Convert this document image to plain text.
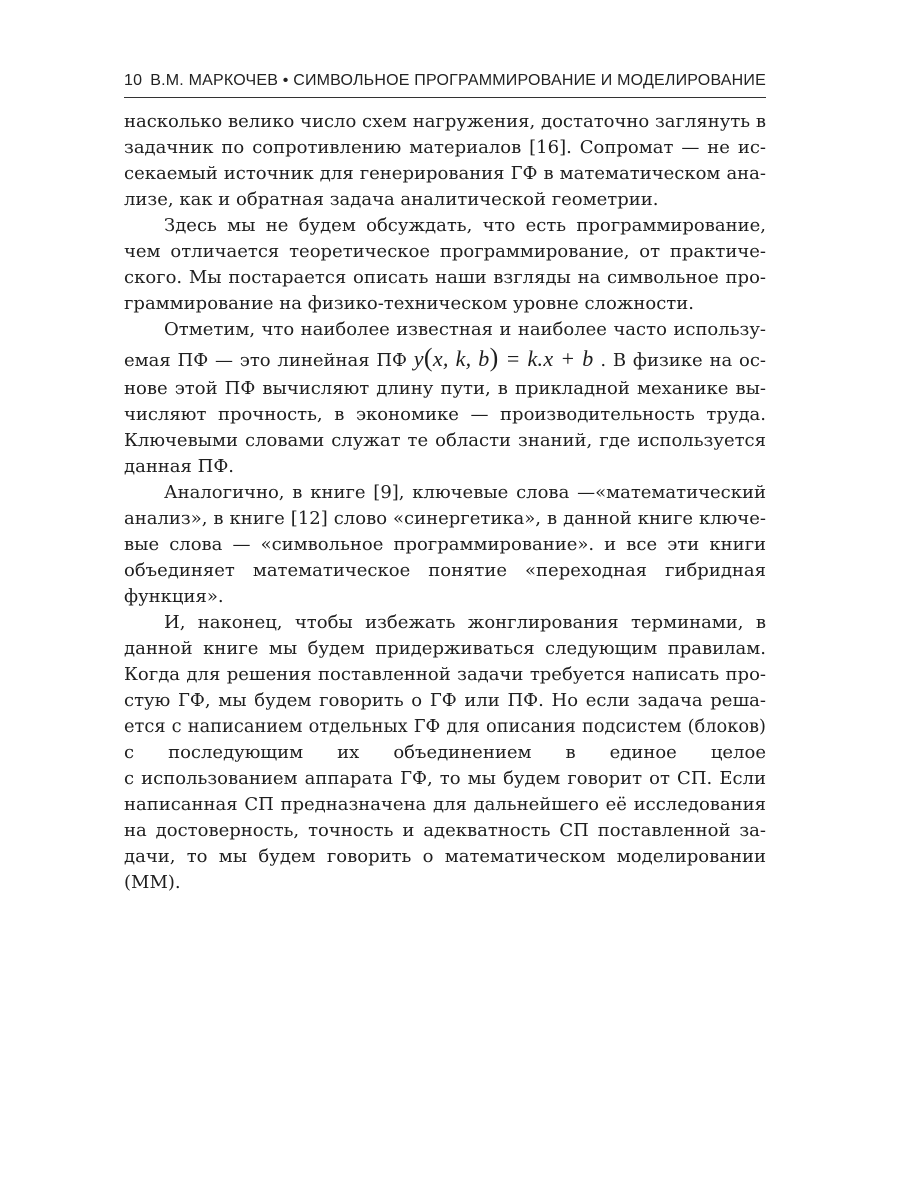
10 В.М. МАРКОЧЕВ • СИМВОЛЬНОЕ ПРОГРАММИРОВАНИЕ И МОДЕЛИРОВАНИЕ

насколько велико число схем нагружения, достаточно заглянуть в
задачник по сопротивлению материалов [16]. Сопромат — не ис-
секаемый источник для генерирования ГФ в математическом ана-
лизе, как и обратная задача аналитической геометрии.

Здесь мы не будем обсуждать, что есть программирование,
чем отличается теоретическое программирование, от практиче-
ского. Мы постарается описать наши взгляды на символьное про-
граммирование на физико-техническом уровне сложности.

Отметим, что наиболее известная и наиболее часто использу-
емая ПФ — это линейная ПФ y(x, k, b) = k.x + b . В физике на ос-
нове этой ПФ вычисляют длину пути, в прикладной механике вы-
числяют прочность, в экономике — производительность труда.
Ключевыми словами служат те области знаний, где используется
данная ПФ.

Аналогично, в книге [9], ключевые слова —«математический
анализ», в книге [12] слово «синергетика», в данной книге ключе-
вые слова — «символьное программирование». и все эти книги
объединяет математическое понятие «переходная гибридная
функция».

И, наконец, чтобы избежать жонглирования терминами, в
данной книге мы будем придерживаться следующим правилам.
Когда для решения поставленной задачи требуется написать про-
стую ГФ, мы будем говорить о ГФ или ПФ. Но если задача реша-
ется с написанием отдельных ГФ для описания подсистем (блоков)
с последующим их объединением в единое целое
с использованием аппарата ГФ, то мы будем говорит от СП. Если
написанная СП предназначена для дальнейшего её исследования
на достоверность, точность и адекватность СП поставленной за-
дачи, то мы будем говорить о математическом моделировании
(ММ).
